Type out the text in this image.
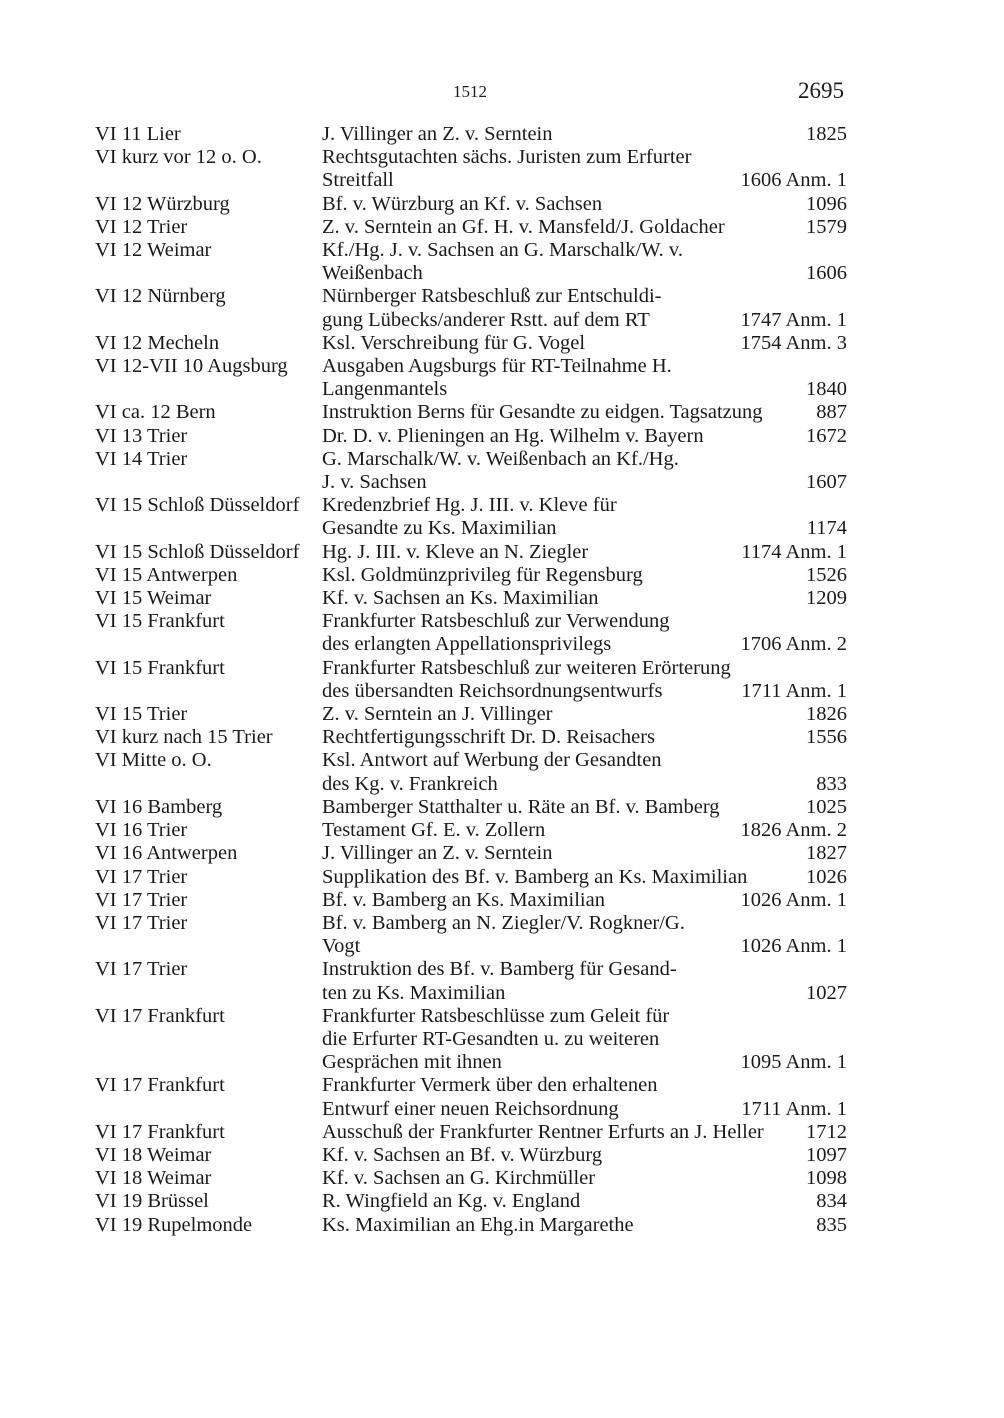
1512	2695
VI 11 Lier	J. Villinger an Z. v. Serntein	1825
VI kurz vor 12 o. O.	Rechtsgutachten sächs. Juristen zum Erfurter
Streitfall	1606 Anm. 1
VI 12 Würzburg	Bf. v. Würzburg an Kf. v. Sachsen	1096
VI 12 Trier	Z. v. Serntein an Gf. H. v. Mansfeld/J. Goldacher	1579
VI 12 Weimar	Kf./Hg. J. v. Sachsen an G. Marschalk/W. v.
Weißenbach	1606
VI 12 Nürnberg	Nürnberger Ratsbeschluß zur Entschuldi-
gung Lübecks/anderer Rstt. auf dem RT	1747 Anm. 1
VI 12 Mecheln	Ksl. Verschreibung für G. Vogel	1754 Anm. 3
VI 12-VII 10 Augsburg	Ausgaben Augsburgs für RT-Teilnahme H.
Langenmantels	1840
VI ca. 12 Bern	Instruktion Berns für Gesandte zu eidgen. Tagsatzung	887
VI 13 Trier	Dr. D. v. Plieningen an Hg. Wilhelm v. Bayern	1672
VI 14 Trier	G. Marschalk/W. v. Weißenbach an Kf./Hg.
J. v. Sachsen	1607
VI 15 Schloß Düsseldorf	Kredenzbrief Hg. J. III. v. Kleve für
Gesandte zu Ks. Maximilian	1174
VI 15 Schloß Düsseldorf	Hg. J. III. v. Kleve an N. Ziegler	1174 Anm. 1
VI 15 Antwerpen	Ksl. Goldmünzprivileg für Regensburg	1526
VI 15 Weimar	Kf. v. Sachsen an Ks. Maximilian	1209
VI 15 Frankfurt	Frankfurter Ratsbeschluß zur Verwendung
des erlangten Appellationsprivilegs	1706 Anm. 2
VI 15 Frankfurt	Frankfurter Ratsbeschluß zur weiteren Erörterung
des übersandten Reichsordnungsentwurfs	1711 Anm. 1
VI 15 Trier	Z. v. Serntein an J. Villinger	1826
VI kurz nach 15 Trier	Rechtfertigungsschrift Dr. D. Reisachers	1556
VI Mitte o. O.	Ksl. Antwort auf Werbung der Gesandten
des Kg. v. Frankreich	833
VI 16 Bamberg	Bamberger Statthalter u. Räte an Bf. v. Bamberg	1025
VI 16 Trier	Testament Gf. E. v. Zollern	1826 Anm. 2
VI 16 Antwerpen	J. Villinger an Z. v. Serntein	1827
VI 17 Trier	Supplikation des Bf. v. Bamberg an Ks. Maximilian	1026
VI 17 Trier	Bf. v. Bamberg an Ks. Maximilian	1026 Anm. 1
VI 17 Trier	Bf. v. Bamberg an N. Ziegler/V. Rogkner/G.
Vogt	1026 Anm. 1
VI 17 Trier	Instruktion des Bf. v. Bamberg für Gesand-
ten zu Ks. Maximilian	1027
VI 17 Frankfurt	Frankfurter Ratsbeschlüsse zum Geleit für
die Erfurter RT-Gesandten u. zu weiteren
Gesprächen mit ihnen	1095 Anm. 1
VI 17 Frankfurt	Frankfurter Vermerk über den erhaltenen
Entwurf einer neuen Reichsordnung	1711 Anm. 1
VI 17 Frankfurt	Ausschuß der Frankfurter Rentner Erfurts an J. Heller 1712
VI 18 Weimar	Kf. v. Sachsen an Bf. v. Würzburg	1097
VI 18 Weimar	Kf. v. Sachsen an G. Kirchmüller	1098
VI 19 Brüssel	R. Wingfield an Kg. v. England	834
VI 19 Rupelmonde	Ks. Maximilian an Ehg.in Margarethe	835
